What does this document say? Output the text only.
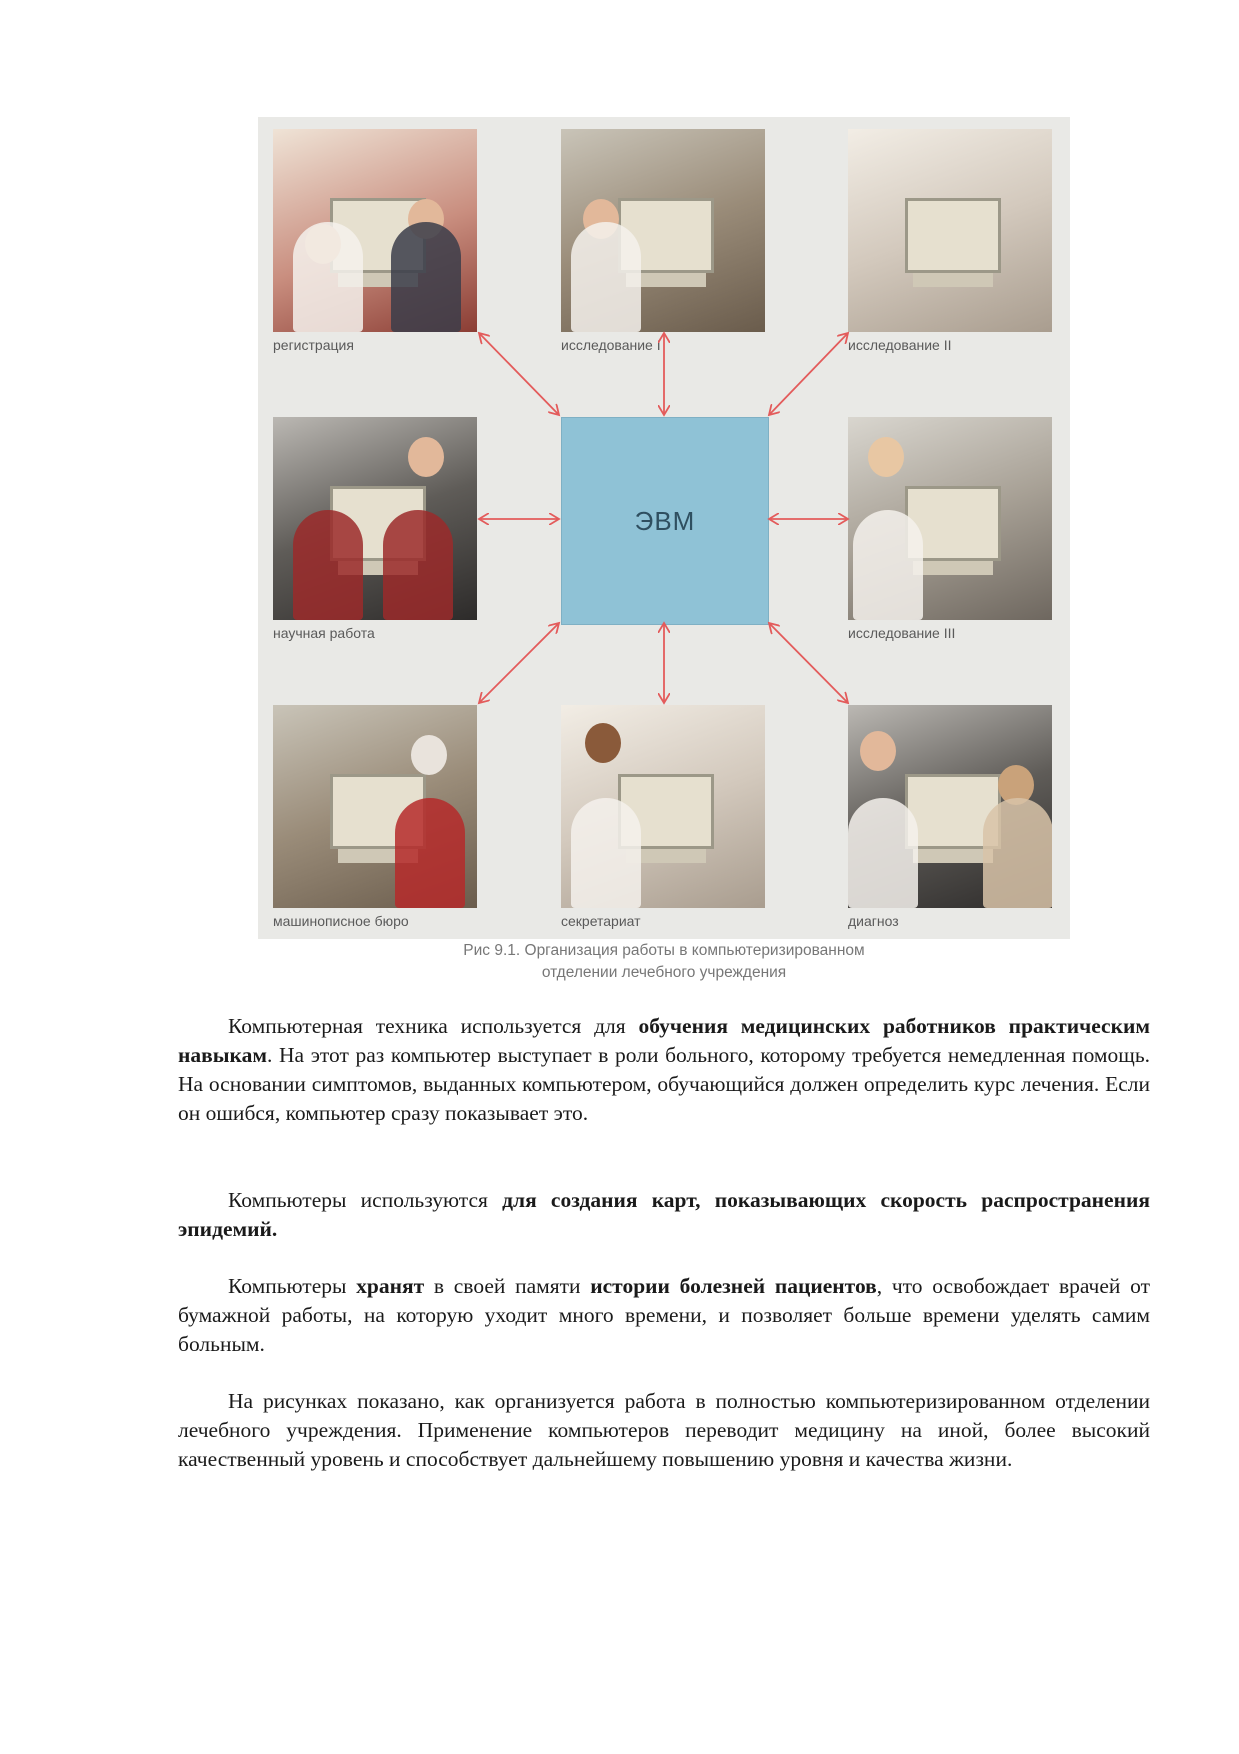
ЭВМ
регистрация	исследование I	исследование II
научная работа	исследование III
машинописное бюро	секретариат	диагноз
Рис 9.1. Организация работы в компьютеризированном
отделении лечебного учреждения

Компьютерная техника используется для обучения медицинских работников практическим навыкам. На этот раз компьютер выступает в роли больного, которому требуется немедленная помощь. На основании симптомов, выданных компьютером, обучающийся должен определить курс лечения. Если он ошибся, компьютер сразу показывает это.

Компьютеры используются для создания карт, показывающих скорость распространения эпидемий.

Компьютеры хранят в своей памяти истории болезней пациентов, что освобождает врачей от бумажной работы, на которую уходит много времени, и позволяет больше времени уделять самим больным.

На рисунках показано, как организуется работа в полностью компьютеризированном отделении лечебного учреждения. Применение компьютеров переводит медицину на иной, более высокий качественный уровень и способствует дальнейшему повышению уровня и качества жизни.
